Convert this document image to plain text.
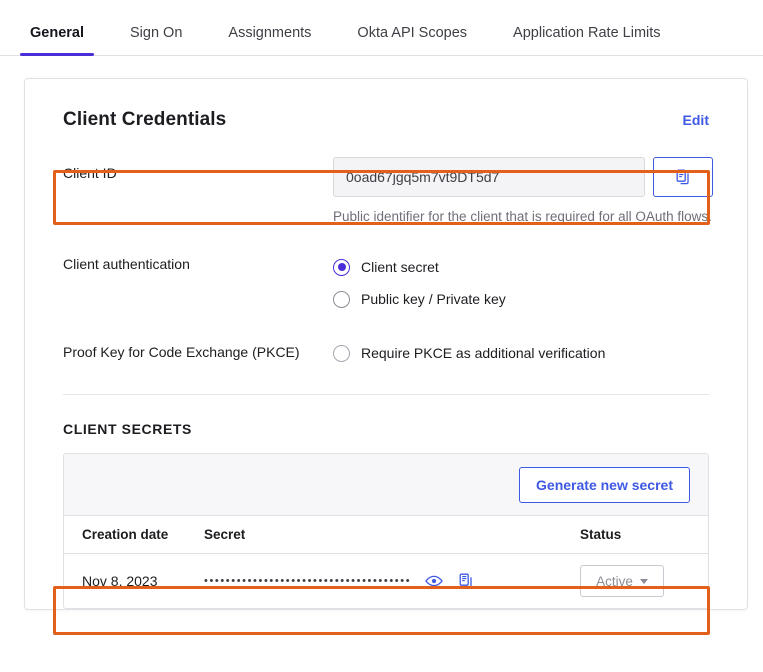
General	Sign On	Assignments	Okta API Scopes	Application Rate Limits
Client Credentials	Edit
Client ID	0oad67jgq5m7vt9DT5d7
Public identifier for the client that is required for all OAuth flows.
Client authentication	Client secret
Public key / Private key
Proof Key for Code Exchange (PKCE)	Require PKCE as additional verification
CLIENT SECRETS
Generate new secret
Creation date	Secret	Status
Nov 8, 2023	••••••••••••••••••••••••••••••••••••••	Active
